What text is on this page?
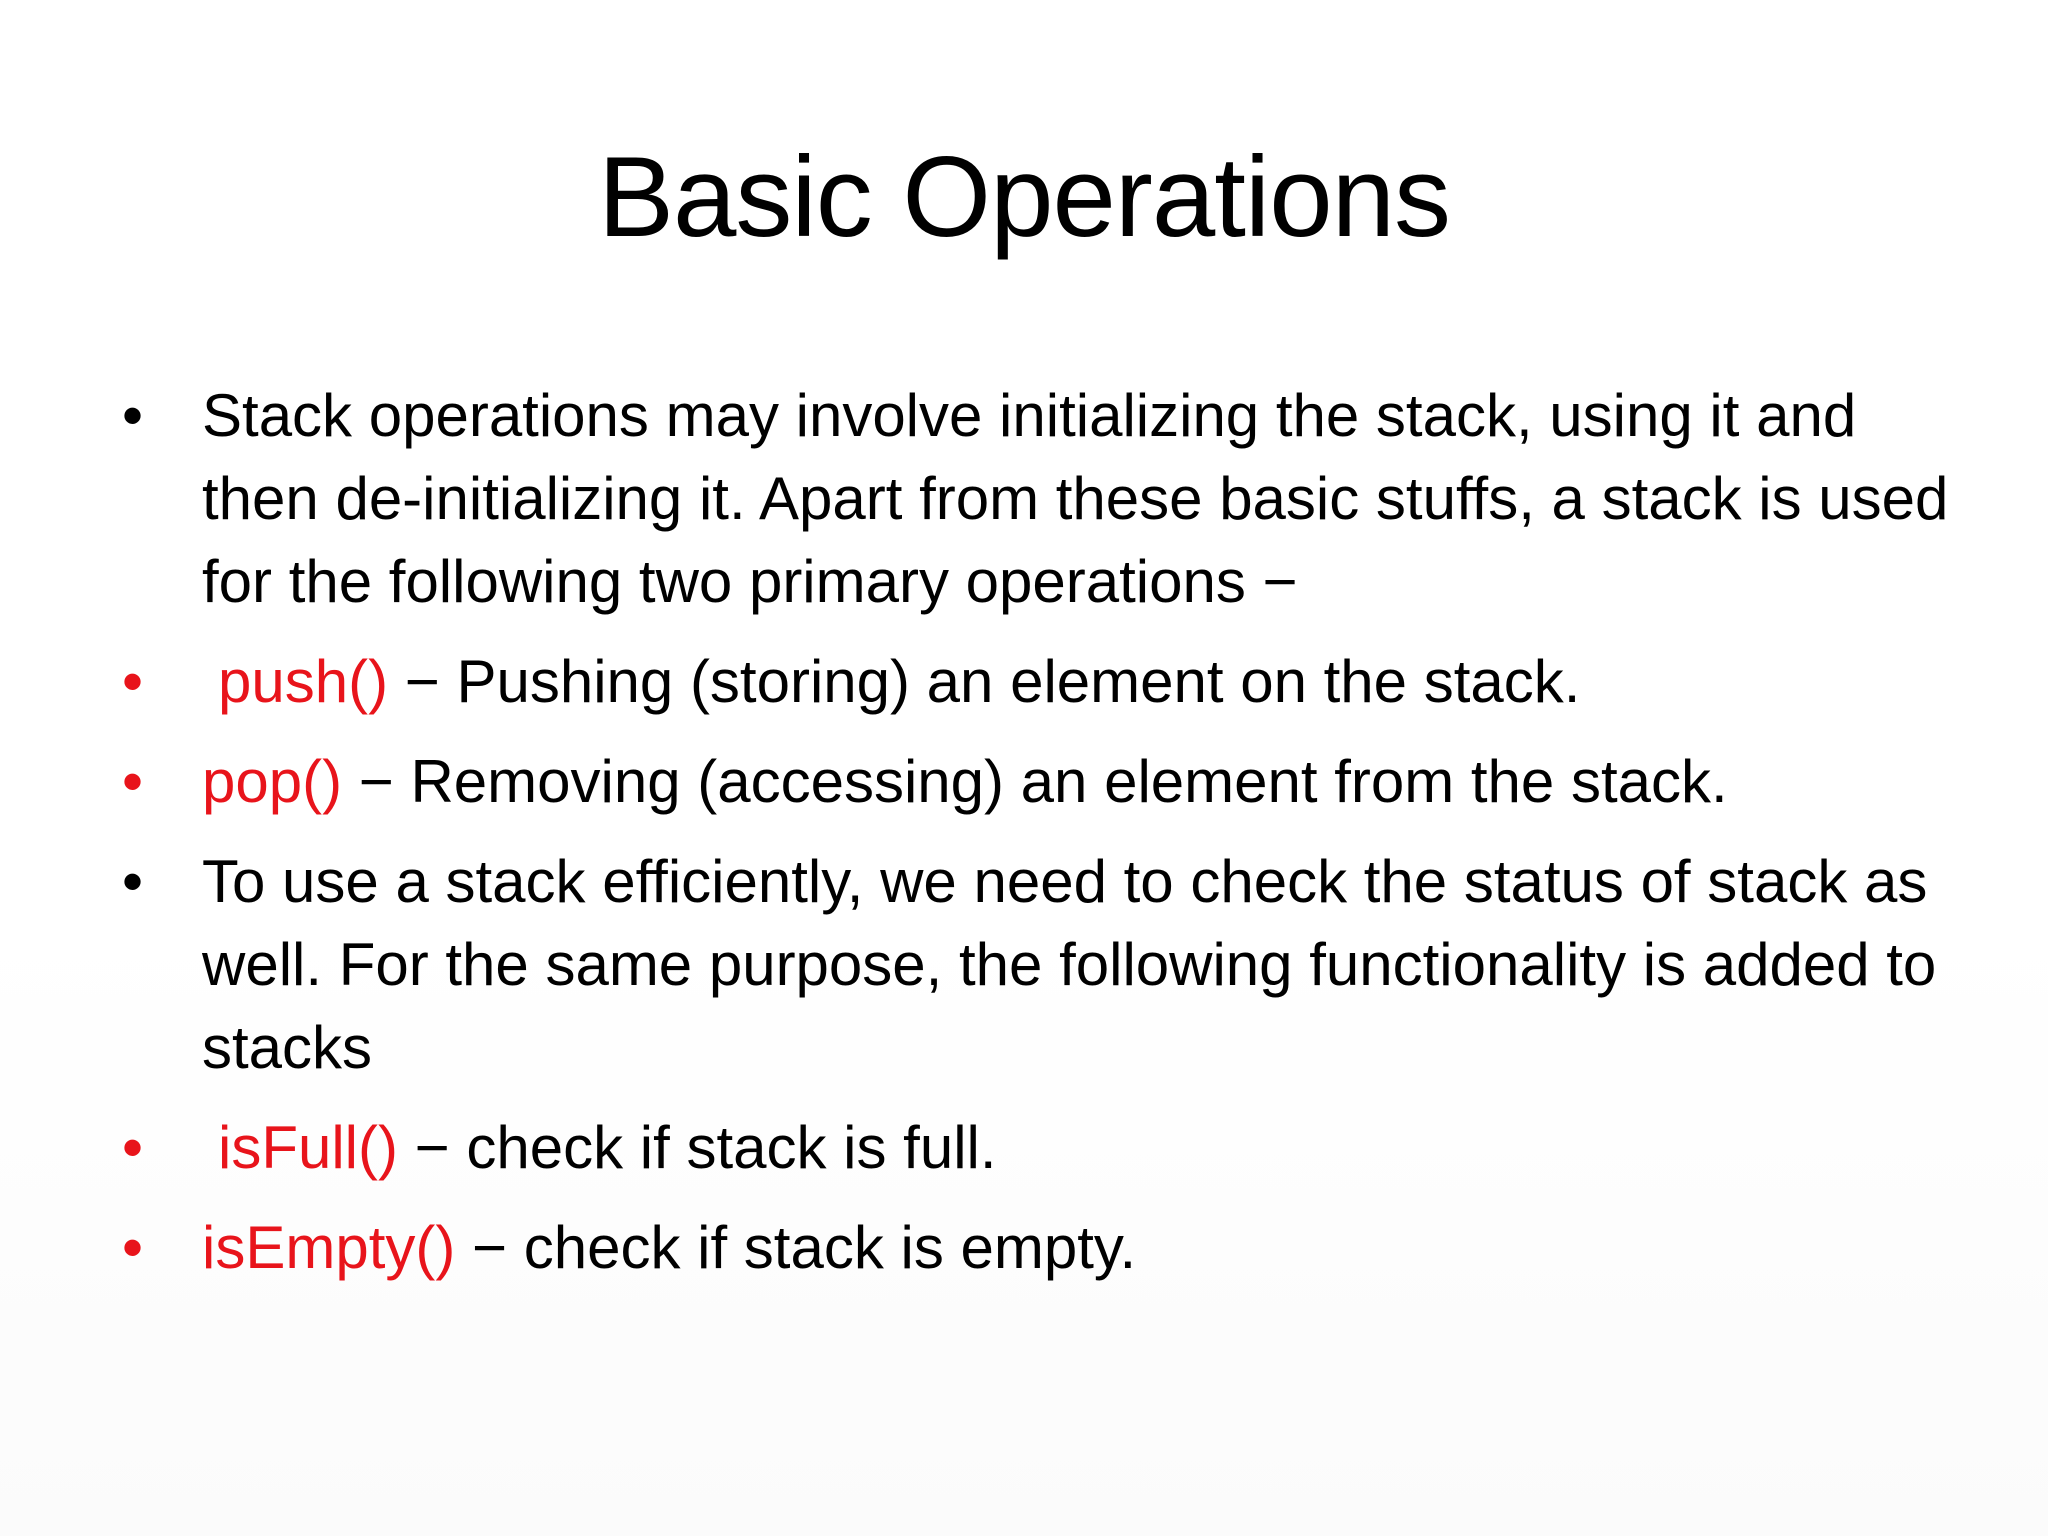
Basic Operations
• Stack operations may involve initializing the stack, using it and then de-initializing it. Apart from these basic stuffs, a stack is used for the following two primary operations −
• push() − Pushing (storing) an element on the stack.
• pop() − Removing (accessing) an element from the stack.
• To use a stack efficiently, we need to check the status of stack as well. For the same purpose, the following functionality is added to stacks
• isFull() − check if stack is full.
• isEmpty() − check if stack is empty.
